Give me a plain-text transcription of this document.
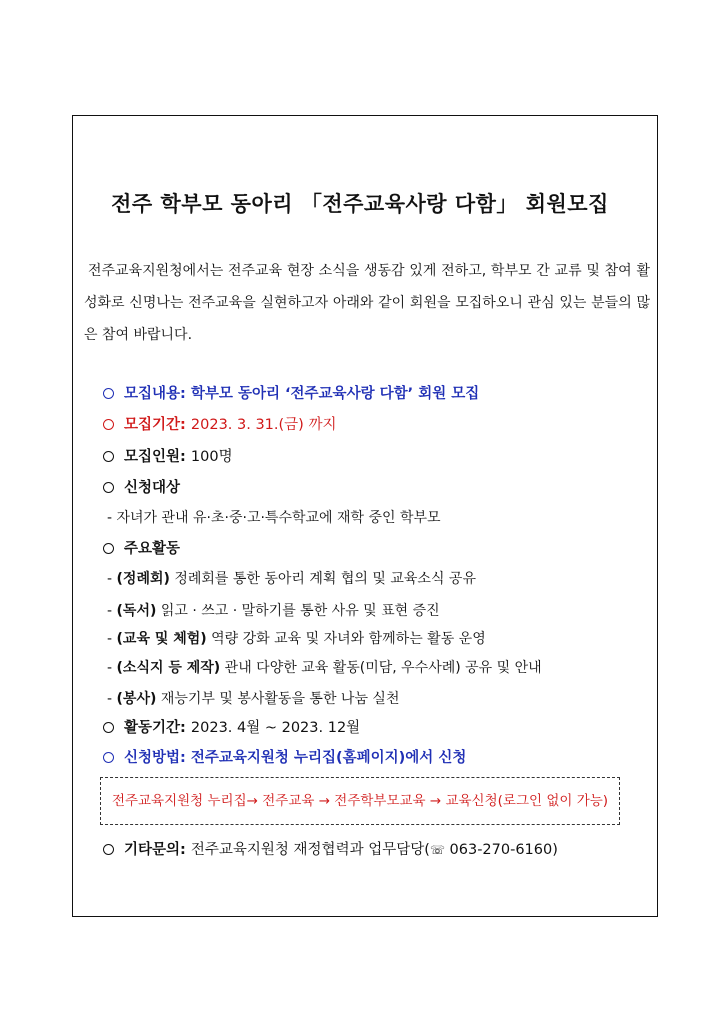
전주 학부모 동아리 「전주교육사랑 다함」 회원모집

전주교육지원청에서는 전주교육 현장 소식을 생동감 있게 전하고, 학부모 간 교류 및 참여 활성화로 신명나는 전주교육을 실현하고자 아래와 같이 회원을 모집하오니 관심 있는 분들의 많은 참여 바랍니다.

모집내용: 학부모 동아리 ‘전주교육사랑 다함’ 회원 모집
모집기간: 2023. 3. 31.(금) 까지
모집인원: 100명
신청대상
- 자녀가 관내 유·초·중·고·특수학교에 재학 중인 학부모
주요활동
- (정례회) 정례회를 통한 동아리 계획 협의 및 교육소식 공유
- (독서) 읽고 · 쓰고 · 말하기를 통한 사유 및 표현 증진
- (교육 및 체험) 역량 강화 교육 및 자녀와 함께하는 활동 운영
- (소식지 등 제작) 관내 다양한 교육 활동(미담, 우수사례) 공유 및 안내
- (봉사) 재능기부 및 봉사활동을 통한 나눔 실천
활동기간: 2023. 4월 ~ 2023. 12월
신청방법: 전주교육지원청 누리집(홈페이지)에서 신청
전주교육지원청 누리집→ 전주교육 → 전주학부모교육 → 교육신청(로그인 없이 가능)
기타문의: 전주교육지원청 재정협력과 업무담당(☏ 063-270-6160)
